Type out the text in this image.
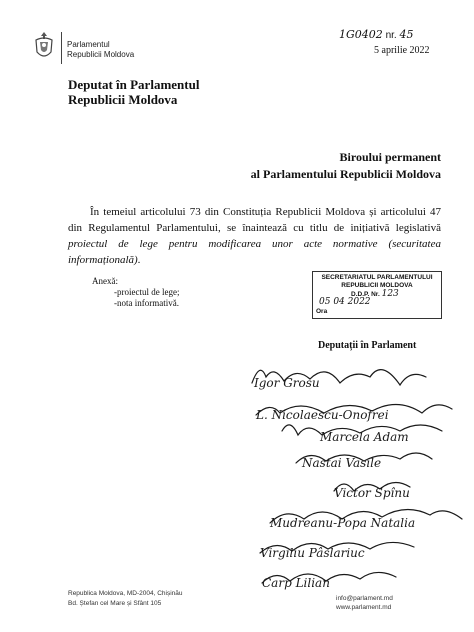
Parlamentul
Republicii Moldova
1G0402 nr. 45
5 aprilie 2022
Deputat în Parlamentul
Republicii Moldova
Biroului permanent
al Parlamentului Republicii Moldova
În temeiul articolului 73 din Constituția Republicii Moldova și articolului 47 din Regulamentul Parlamentului, se înaintează cu titlu de inițiativă legislativă proiectul de lege pentru modificarea unor acte normative (securitatea informațională).
Anexă:
-proiectul de lege;
-nota informativă.
SECRETARIATUL PARLAMENTULUI
REPUBLICII MOLDOVA
D.D.P. Nr. 123
05 04 2022
Ora
Deputații în Parlament
Igor Grosu
L. Nicolaescu-Onofrei
Marcela Adam
Nastai Vasile
Victor Spînu
Mudreanu-Popa Natalia
Virgiliu Pâslariuc
Carp Lilian
Republica Moldova, MD-2004, Chișinău
Bd. Ștefan cel Mare și Sfânt 105
info@parlament.md
www.parlament.md
